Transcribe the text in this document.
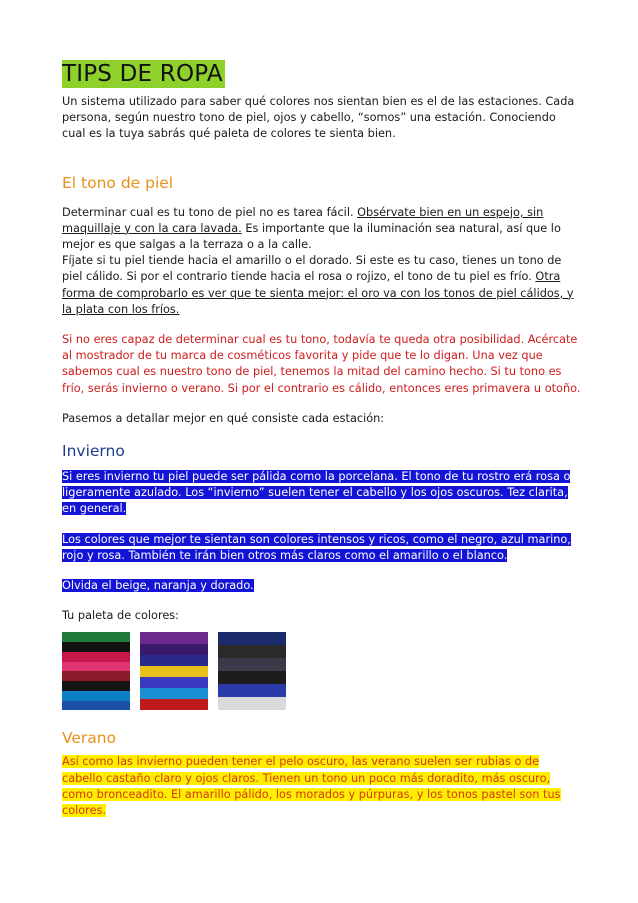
TIPS DE ROPA

Un sistema utilizado para saber qué colores nos sientan bien es el de las estaciones. Cada persona, según nuestro tono de piel, ojos y cabello, “somos” una estación. Conociendo cual es la tuya sabrás qué paleta de colores te sienta bien.

El tono de piel

Determinar cual es tu tono de piel no es tarea fácil. Obsérvate bien en un espejo, sin maquillaje y con la cara lavada. Es importante que la iluminación sea natural, así que lo mejor es que salgas a la terraza o a la calle.

Fíjate si tu piel tiende hacia el amarillo o el dorado. Si este es tu caso, tienes un tono de piel cálido. Si por el contrario tiende hacia el rosa o rojizo, el tono de tu piel es frío. Otra forma de comprobarlo es ver que te sienta mejor: el oro va con los tonos de piel cálidos, y la plata con los fríos.

Si no eres capaz de determinar cual es tu tono, todavía te queda otra posibilidad. Acércate al mostrador de tu marca de cosméticos favorita y pide que te lo digan. Una vez que sabemos cual es nuestro tono de piel, tenemos la mitad del camino hecho. Si tu tono es frío, serás invierno o verano. Si por el contrario es cálido, entonces eres primavera u otoño.

Pasemos a detallar mejor en qué consiste cada estación:

Invierno

Si eres invierno tu piel puede ser pálida como la porcelana. El tono de tu rostro erá rosa o ligeramente azulado. Los “invierno” suelen tener el cabello y los ojos oscuros. Tez clarita, en general.

Los colores que mejor te sientan son colores intensos y ricos, como el negro, azul marino, rojo y rosa. También te irán bien otros más claros como el amarillo o el blanco.

Olvida el beige, naranja y dorado.

Tu paleta de colores:

Verano

Así como las invierno pueden tener el pelo oscuro, las verano suelen ser rubias o de cabello castaño claro y ojos claros. Tienen un tono un poco más doradito, más oscuro, como bronceadito. El amarillo pálido, los morados y púrpuras, y los tonos pastel son tus colores.
